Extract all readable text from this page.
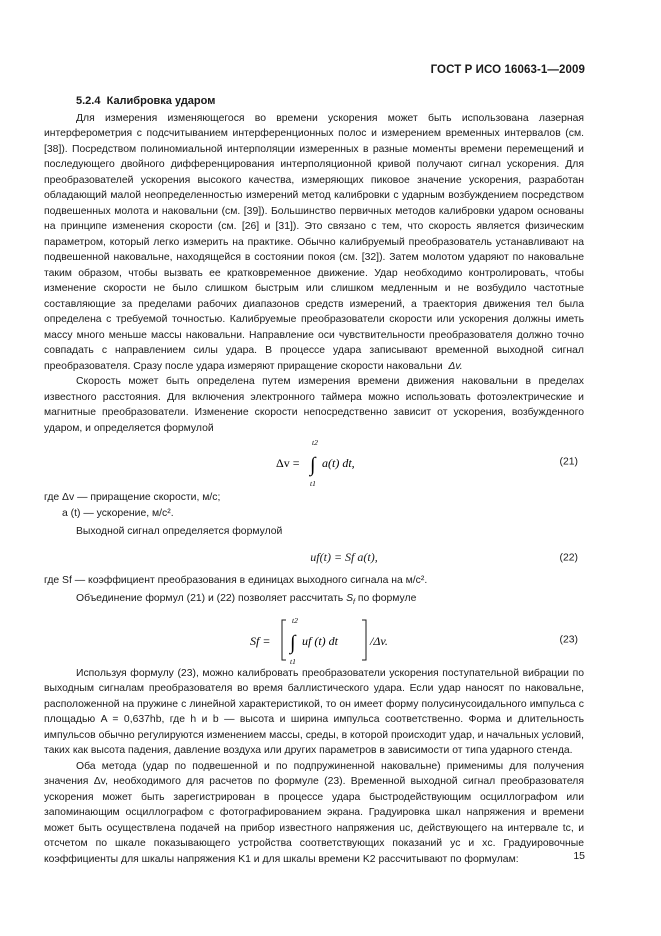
ГОСТ Р ИСО 16063-1—2009
5.2.4 Калибровка ударом

Для измерения изменяющегося во времени ускорения может быть использована лазерная интерферометрия с подсчитыванием интерференционных полос и измерением временных интервалов (см. [38]). Посредством полиномиальной интерполяции измеренных в разные моменты времени перемещений и последующего двойного дифференцирования интерполяционной кривой получают сигнал ускорения. Для преобразователей ускорения высокого качества, измеряющих пиковое значение ускорения, разработан обладающий малой неопределенностью измерений метод калибровки с ударным возбуждением посредством подвешенных молота и наковальни (см. [39]). Большинство первичных методов калибровки ударом основаны на принципе изменения скорости (см. [26] и [31]). Это связано с тем, что скорость является физическим параметром, который легко измерить на практике. Обычно калибруемый преобразователь устанавливают на подвешенной наковальне, находящейся в состоянии покоя (см. [32]). Затем молотом ударяют по наковальне таким образом, чтобы вызвать ее кратковременное движение. Удар необходимо контролировать, чтобы изменение скорости не было слишком быстрым или слишком медленным и не возбудило частотные составляющие за пределами рабочих диапазонов средств измерений, а траектория движения тел была определена с требуемой точностью. Калибруемые преобразователи скорости или ускорения должны иметь массу много меньше массы наковальни. Направление оси чувствительности преобразователя должно точно совпадать с направлением силы удара. В процессе удара записывают временной выходной сигнал преобразователя. Сразу после удара измеряют приращение скорости наковальни Δv.

Скорость может быть определена путем измерения времени движения наковальни в пределах известного расстояния. Для включения электронного таймера можно использовать фотоэлектрические и магнитные преобразователи. Изменение скорости непосредственно зависит от ускорения, возбужденного ударом, и определяется формулой

Δv = ∫
t2
t1
a(t) dt,	(21)

где Δv — приращение скорости, м/с;

a (t) — ускорение, м/с².

Выходной сигнал определяется формулой

uf(t) = Sf a(t),	(22)

где Sf — коэффициент преобразования в единицах выходного сигнала на м/с².

Объединение формул (21) и (22) позволяет рассчитать $S_f$ по формуле

Sf = ∫
t2
t1
uf (t) dt	/Δv.	(23)

Используя формулу (23), можно калибровать преобразователи ускорения поступательной вибрации по выходным сигналам преобразователя во время баллистического удара. Если удар наносят по наковальне, расположенной на пружине с линейной характеристикой, то он имеет форму полусинусоидального импульса с площадью A = 0,637hb, где h и b — высота и ширина импульса соответственно. Форма и длительность импульсов обычно регулируются изменением массы, среды, в которой происходит удар, и начальных условий, таких как высота падения, давление воздуха или других параметров в зависимости от типа ударного стенда.

Оба метода (удар по подвешенной и по подпружиненной наковальне) применимы для получения значения Δv, необходимого для расчетов по формуле (23). Временной выходной сигнал преобразователя ускорения может быть зарегистрирован в процессе удара быстродействующим осциллографом или запоминающим осциллографом с фотографированием экрана. Градуировка шкал напряжения и времени может быть осуществлена подачей на прибор известного напряжения uc, действующего на интервале tc, и отсчетом по шкале показывающего устройства соответствующих показаний yc и xc. Градуировочные коэффициенты для шкалы напряжения K1 и для шкалы времени K2 рассчитывают по формулам:	15
